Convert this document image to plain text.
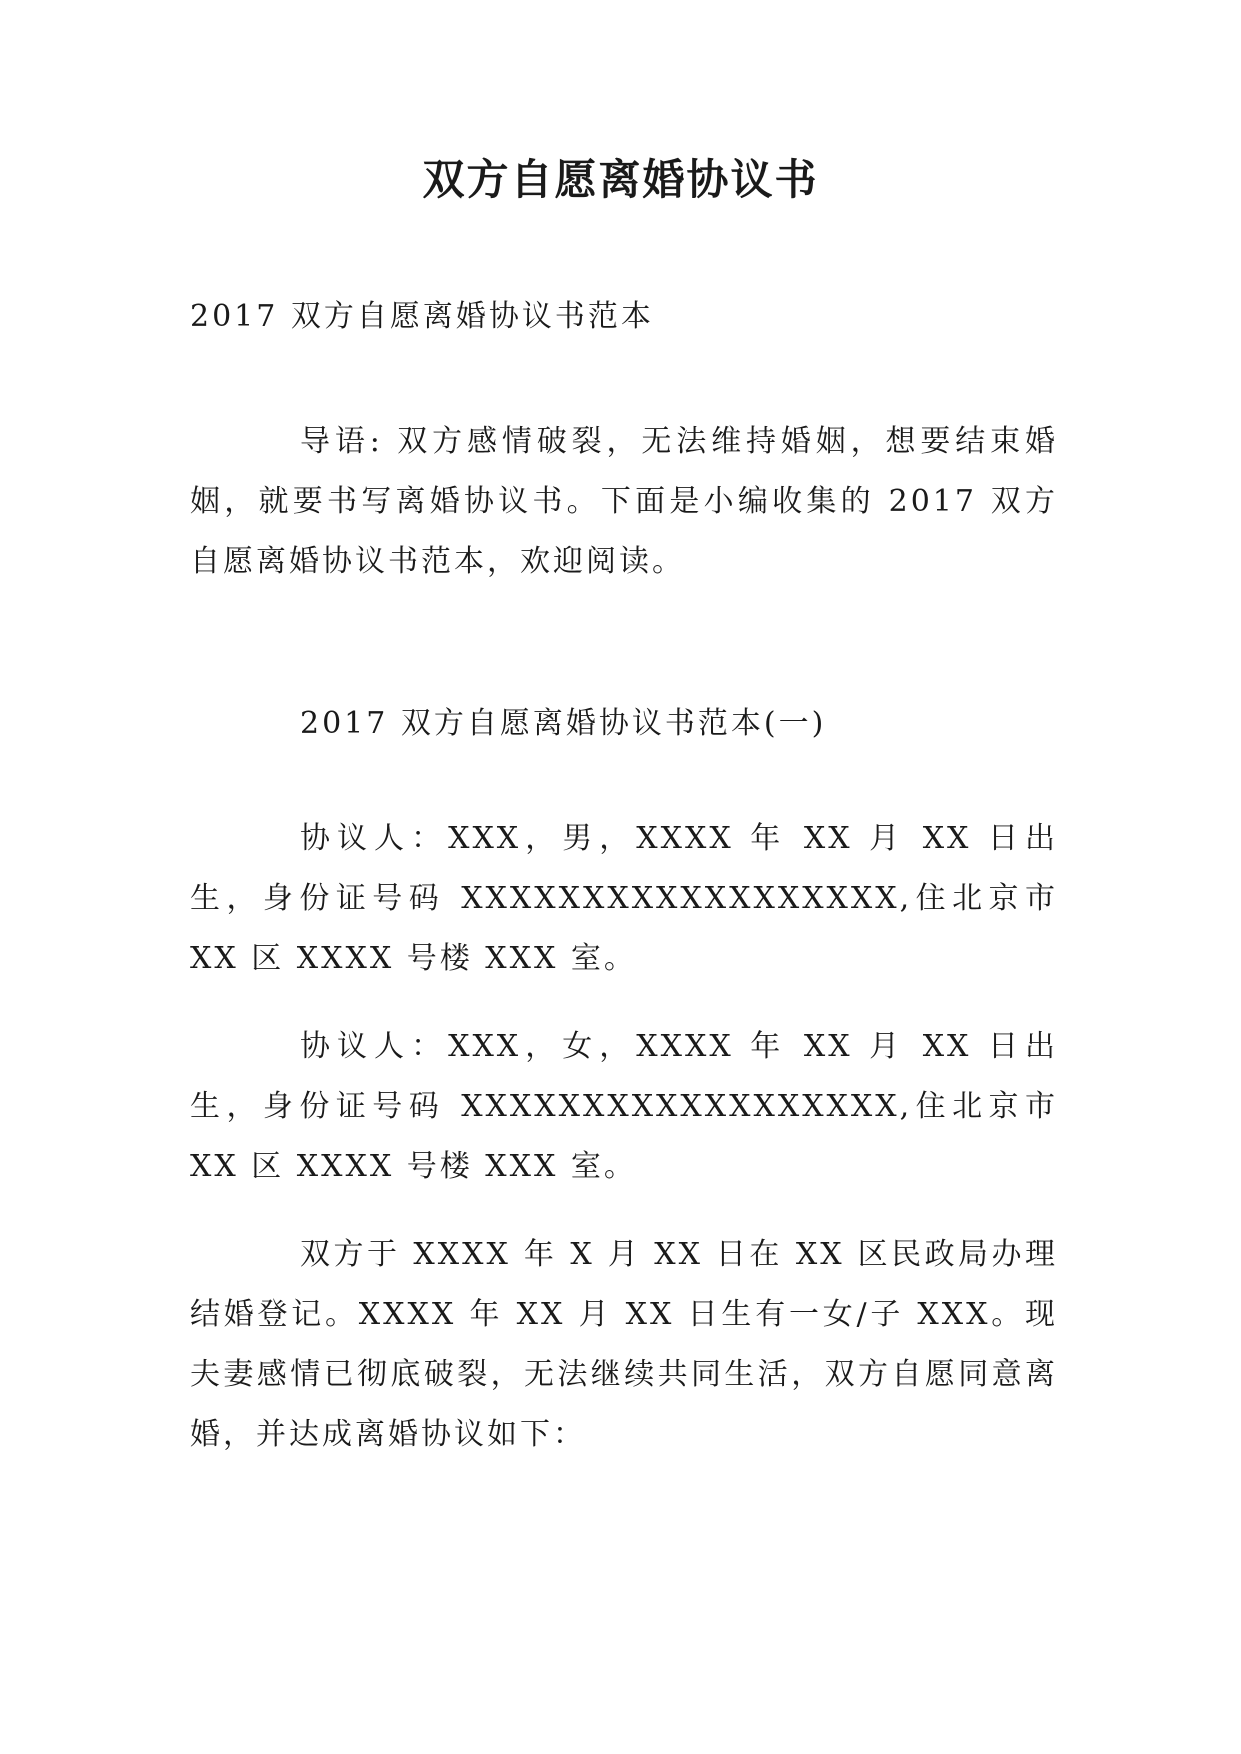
双方自愿离婚协议书
2017 双方自愿离婚协议书范本
导语: 双方感情破裂，无法维持婚姻，想要结束婚姻，就要书写离婚协议书。下面是小编收集的 2017 双方自愿离婚协议书范本，欢迎阅读。
2017 双方自愿离婚协议书范本(一)
协议人：XXX，男，XXXX 年 XX 月 XX 日出生，身份证号码 XXXXXXXXXXXXXXXXXX,住北京市 XX 区 XXXX 号楼 XXX 室。
协议人：XXX，女，XXXX 年 XX 月 XX 日出生，身份证号码 XXXXXXXXXXXXXXXXXX,住北京市 XX 区 XXXX 号楼 XXX 室。
双方于 XXXX 年 X 月 XX 日在 XX 区民政局办理结婚登记。XXXX 年 XX 月 XX 日生有一女/子 XXX。现夫妻感情已彻底破裂，无法继续共同生活，双方自愿同意离婚，并达成离婚协议如下：
